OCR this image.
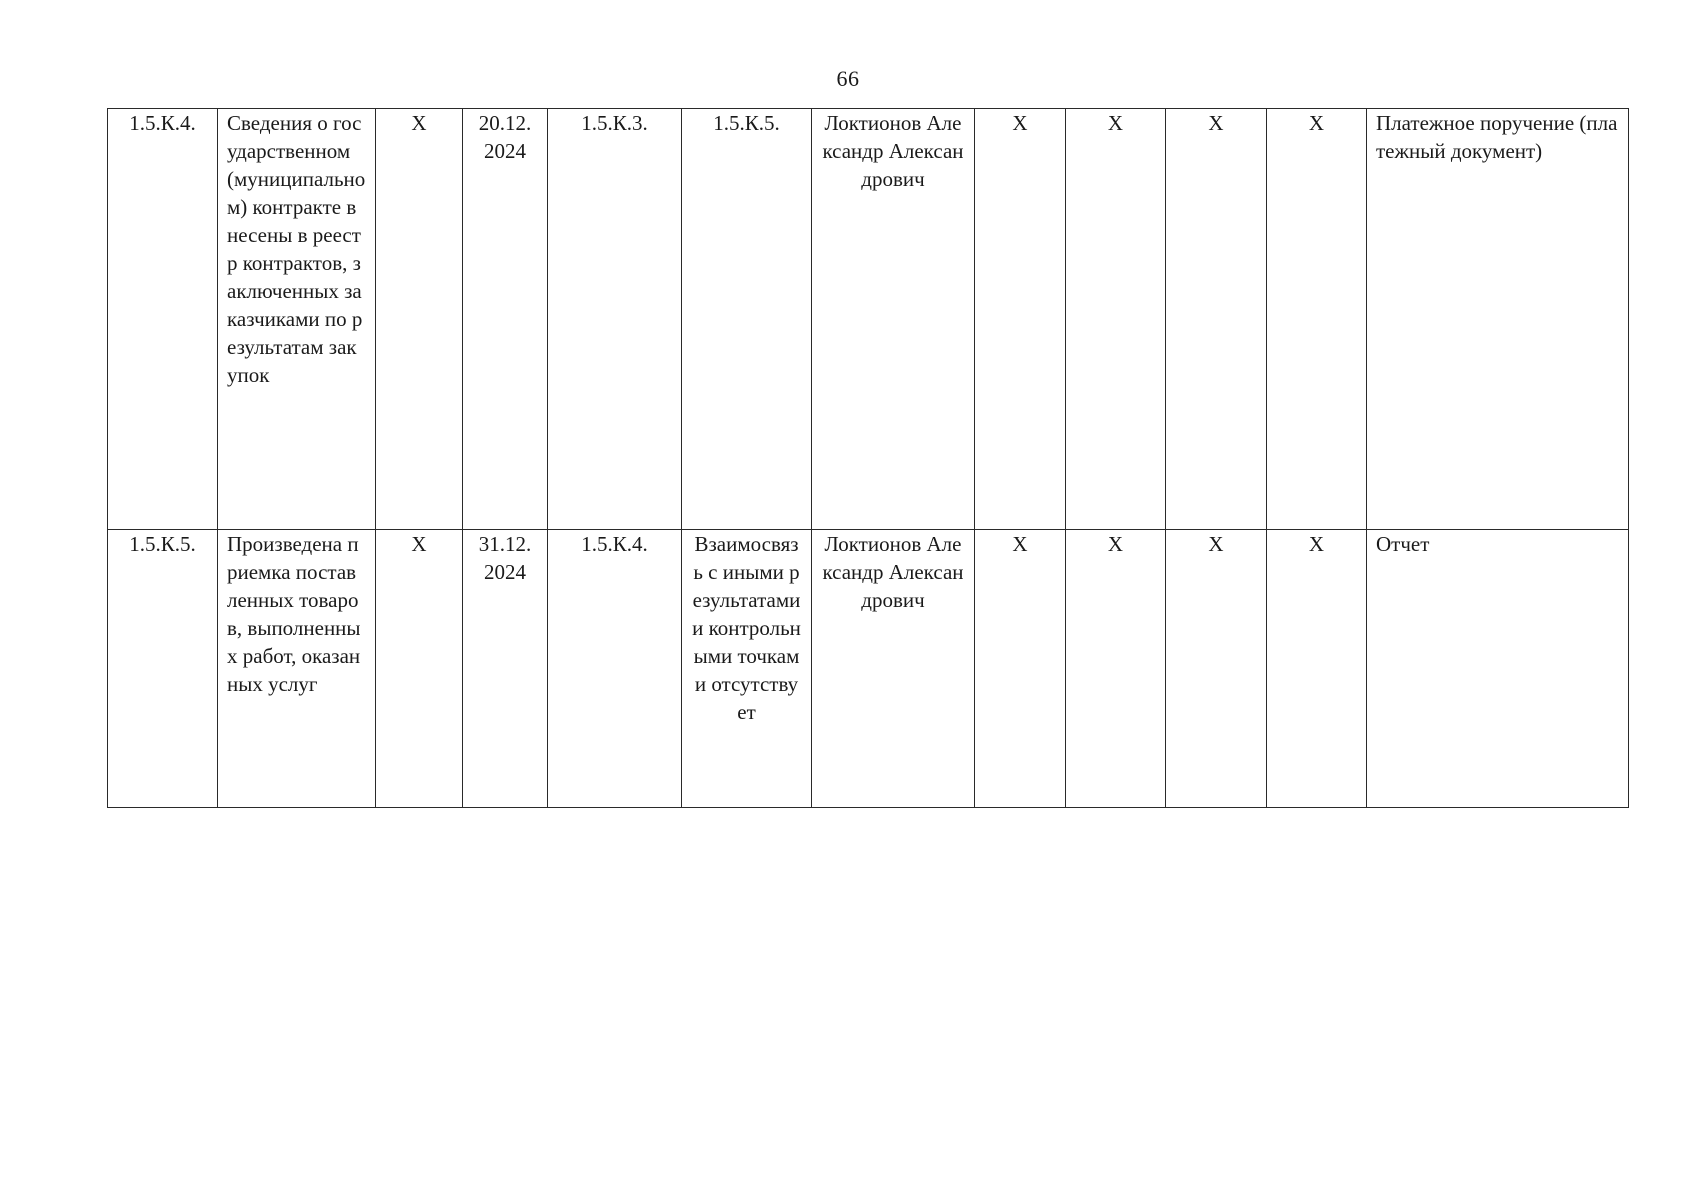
66
1.5.К.4.	Сведения о государственном (муниципальном) контракте внесены в реестр контрактов, заключенных заказчиками по результатам закупок	Х	20.12. 2024	1.5.К.3.	1.5.К.5.	Локтионов Александр Александрович	Х	Х	Х	Х	Платежное поручение (платежный документ)
1.5.К.5.	Произведена приемка поставленных товаров, выполненных работ, оказанных услуг	Х	31.12. 2024	1.5.К.4.	Взаимосвязь с иными результатами и контрольными точками отсутствует	Локтионов Александр Александрович	Х	Х	Х	Х	Отчет
